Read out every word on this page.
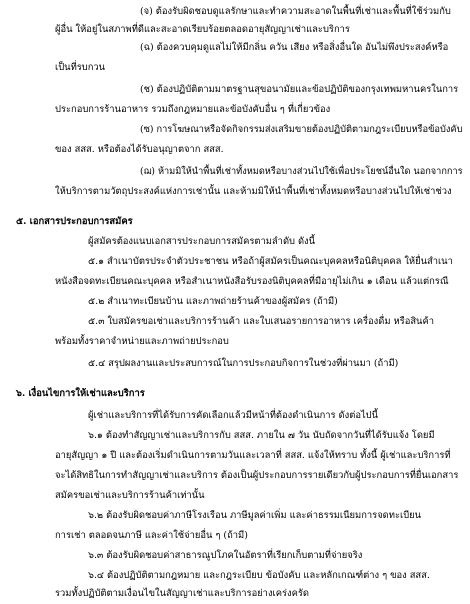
(จ) ต้องรับผิดชอบดูแลรักษาและทำความสะอาดในพื้นที่เช่าและพื้นที่ใช้ร่วมกับ
ผู้อื่น ให้อยู่ในสภาพที่ดีและสะอาดเรียบร้อยตลอดอายุสัญญาเช่าและบริการ
(ฉ) ต้องควบคุมดูแลไม่ให้มีกลิ่น ควัน เสียง หรือสิ่งอื่นใด อันไม่พึงประสงค์หรือ
เป็นที่รบกวน
(ช) ต้องปฏิบัติตามมาตรฐานสุขอนามัยและข้อปฏิบัติของกรุงเทพมหานครในการ
ประกอบการร้านอาหาร รวมถึงกฎหมายและข้อบังคับอื่น ๆ ที่เกี่ยวข้อง
(ซ) การโฆษณาหรือจัดกิจกรรมส่งเสริมขายต้องปฏิบัติตามกฎระเบียบหรือข้อบังคับ
ของ สสส. หรือต้องได้รับอนุญาตจาก สสส.
(ฌ) ห้ามมิให้นำพื้นที่เช่าทั้งหมดหรือบางส่วนไปใช้เพื่อประโยชน์อื่นใด นอกจากการ
ให้บริการตามวัตถุประสงค์แห่งการเช่านั้น และห้ามมิให้นำพื้นที่เช่าทั้งหมดหรือบางส่วนไปให้เช่าช่วง
๕. เอกสารประกอบการสมัคร
ผู้สมัครต้องแนบเอกสารประกอบการสมัครตามลำดับ ดังนี้
๕.๑ สำเนาบัตรประจำตัวประชาชน หรือถ้าผู้สมัครเป็นคณะบุคคลหรือนิติบุคคล ให้ยื่นสำเนา
หนังสือจดทะเบียนคณะบุคคล หรือสำเนาหนังสือรับรองนิติบุคคลที่มีอายุไม่เกิน ๑ เดือน แล้วแต่กรณี
๕.๒ สำเนาทะเบียนบ้าน และภาพถ่ายร้านค้าของผู้สมัคร (ถ้ามี)
๕.๓ ใบสมัครขอเช่าและบริการร้านค้า และใบเสนอรายการอาหาร เครื่องดื่ม หรือสินค้า
พร้อมทั้งราคาจำหน่ายและภาพถ่ายประกอบ
๕.๔ สรุปผลงานและประสบการณ์ในการประกอบกิจการในช่วงที่ผ่านมา (ถ้ามี)
๖. เงื่อนไขการให้เช่าและบริการ
ผู้เช่าและบริการที่ได้รับการคัดเลือกแล้วมีหน้าที่ต้องดำเนินการ ดังต่อไปนี้
๖.๑ ต้องทำสัญญาเช่าและบริการกับ สสส. ภายใน ๗ วัน นับถัดจากวันที่ได้รับแจ้ง โดยมี
อายุสัญญา ๑ ปี และต้องเริ่มดำเนินการตามวันและเวลาที่ สสส. แจ้งให้ทราบ ทั้งนี้ ผู้เช่าและบริการที่
จะได้สิทธิในการทำสัญญาเช่าและบริการ ต้องเป็นผู้ประกอบการรายเดียวกับผู้ประกอบการที่ยื่นเอกสาร
สมัครขอเช่าและบริการร้านค้าเท่านั้น
๖.๒ ต้องรับผิดชอบค่าภาษีโรงเรือน ภาษีมูลค่าเพิ่ม และค่าธรรมเนียมการจดทะเบียน
การเช่า ตลอดจนภาษี และค่าใช้จ่ายอื่น ๆ (ถ้ามี)
๖.๓ ต้องรับผิดชอบค่าสาธารณูปโภคในอัตราที่เรียกเก็บตามที่จ่ายจริง
๖.๔ ต้องปฏิบัติตามกฎหมาย และกฎระเบียบ ข้อบังคับ และหลักเกณฑ์ต่าง ๆ ของ สสส.
รวมทั้งปฏิบัติตามเงื่อนไขในสัญญาเช่าและบริการอย่างเคร่งครัด
